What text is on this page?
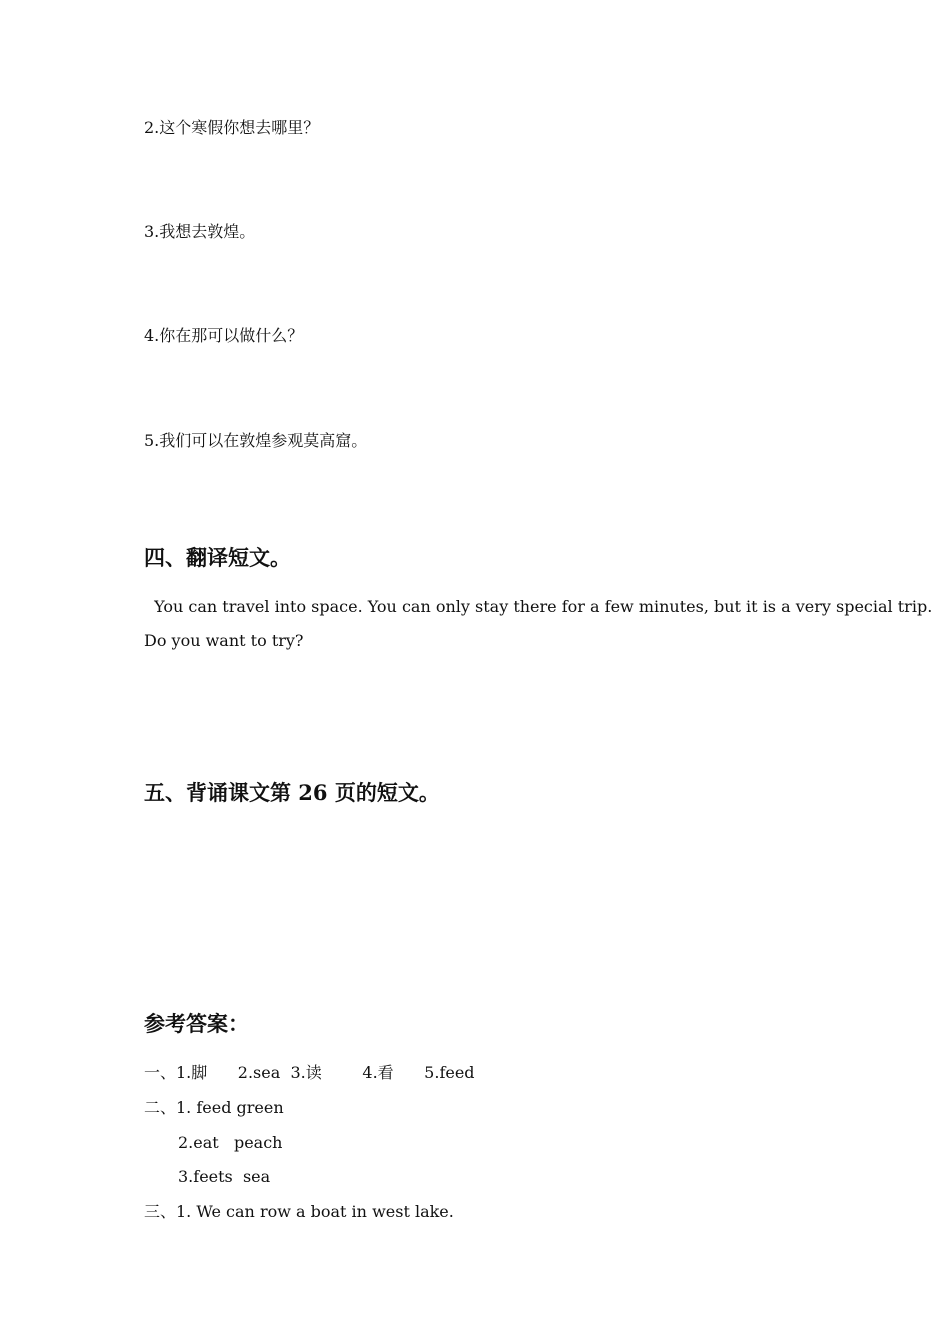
2.这个寒假你想去哪里？
3.我想去敦煌。
4.你在那可以做什么？
5.我们可以在敦煌参观莫高窟。
四、翻译短文。
You can travel into space. You can only stay there for a few minutes, but it is a very special trip.
Do you want to try?
五、背诵课文第 26 页的短文。
参考答案：
一、1.脚      2.sea  3.读        4.看      5.feed
二、1. feed green
2.eat   peach
3.feets  sea
三、1. We can row a boat in west lake.
